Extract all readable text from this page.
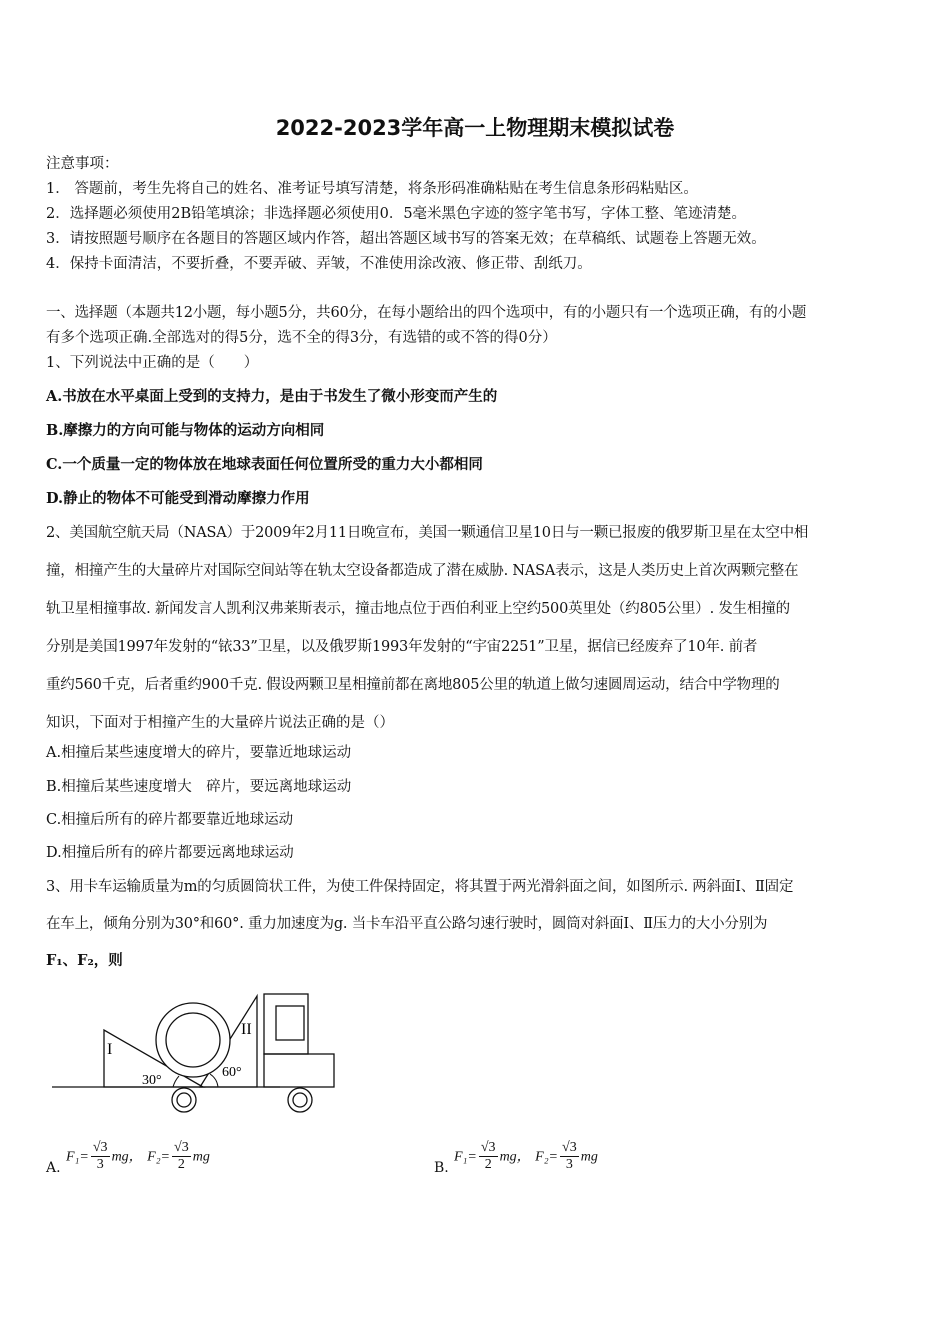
2022-2023学年高一上物理期末模拟试卷
注意事项：
1． 答题前，考生先将自己的姓名、准考证号填写清楚，将条形码准确粘贴在考生信息条形码粘贴区。
2．选择题必须使用2B铅笔填涂；非选择题必须使用0．5毫米黑色字迹的签字笔书写，字体工整、笔迹清楚。
3．请按照题号顺序在各题目的答题区域内作答，超出答题区域书写的答案无效；在草稿纸、试题卷上答题无效。
4．保持卡面清洁，不要折叠，不要弄破、弄皱，不准使用涂改液、修正带、刮纸刀。
一、选择题（本题共12小题，每小题5分，共60分，在每小题给出的四个选项中，有的小题只有一个选项正确，有的小题
有多个选项正确.全部选对的得5分，选不全的得3分，有选错的或不答的得0分）
1、下列说法中正确的是（　　）
A.书放在水平桌面上受到的支持力，是由于书发生了微小形变而产生的
B.摩擦力的方向可能与物体的运动方向相同
C.一个质量一定的物体放在地球表面任何位置所受的重力大小都相同
D.静止的物体不可能受到滑动摩擦力作用
2、美国航空航天局（NASA）于2009年2月11日晚宣布，美国一颗通信卫星10日与一颗已报废的俄罗斯卫星在太空中相
撞，相撞产生的大量碎片对国际空间站等在轨太空设备都造成了潜在威胁. NASA表示，这是人类历史上首次两颗完整在
轨卫星相撞事故. 新闻发言人凯利汉弗莱斯表示，撞击地点位于西伯利亚上空约500英里处（约805公里）. 发生相撞的
分别是美国1997年发射的“铱33”卫星，以及俄罗斯1993年发射的“宇宙2251”卫星，据信已经废弃了10年. 前者
重约560千克，后者重约900千克. 假设两颗卫星相撞前都在离地805公里的轨道上做匀速圆周运动，结合中学物理的
知识，下面对于相撞产生的大量碎片说法正确的是（）
A.相撞后某些速度增大的碎片，要靠近地球运动
B.相撞后某些速度增大　碎片，要远离地球运动
C.相撞后所有的碎片都要靠近地球运动
D.相撞后所有的碎片都要远离地球运动
3、用卡车运输质量为m的匀质圆筒状工件，为使工件保持固定，将其置于两光滑斜面之间，如图所示. 两斜面Ⅰ、Ⅱ固定
在车上，倾角分别为30°和60°. 重力加速度为g. 当卡车沿平直公路匀速行驶时，圆筒对斜面Ⅰ、Ⅱ压力的大小分别为
F₁、F₂，则
I
II
30°
60°
A.
$F_1= \frac{√3}{3}$ mg， $F_2= \frac{√3}{2}$ mg
B.
$F_1= \frac{√3}{2}$ mg， $F_2= \frac{√3}{3}$ mg
